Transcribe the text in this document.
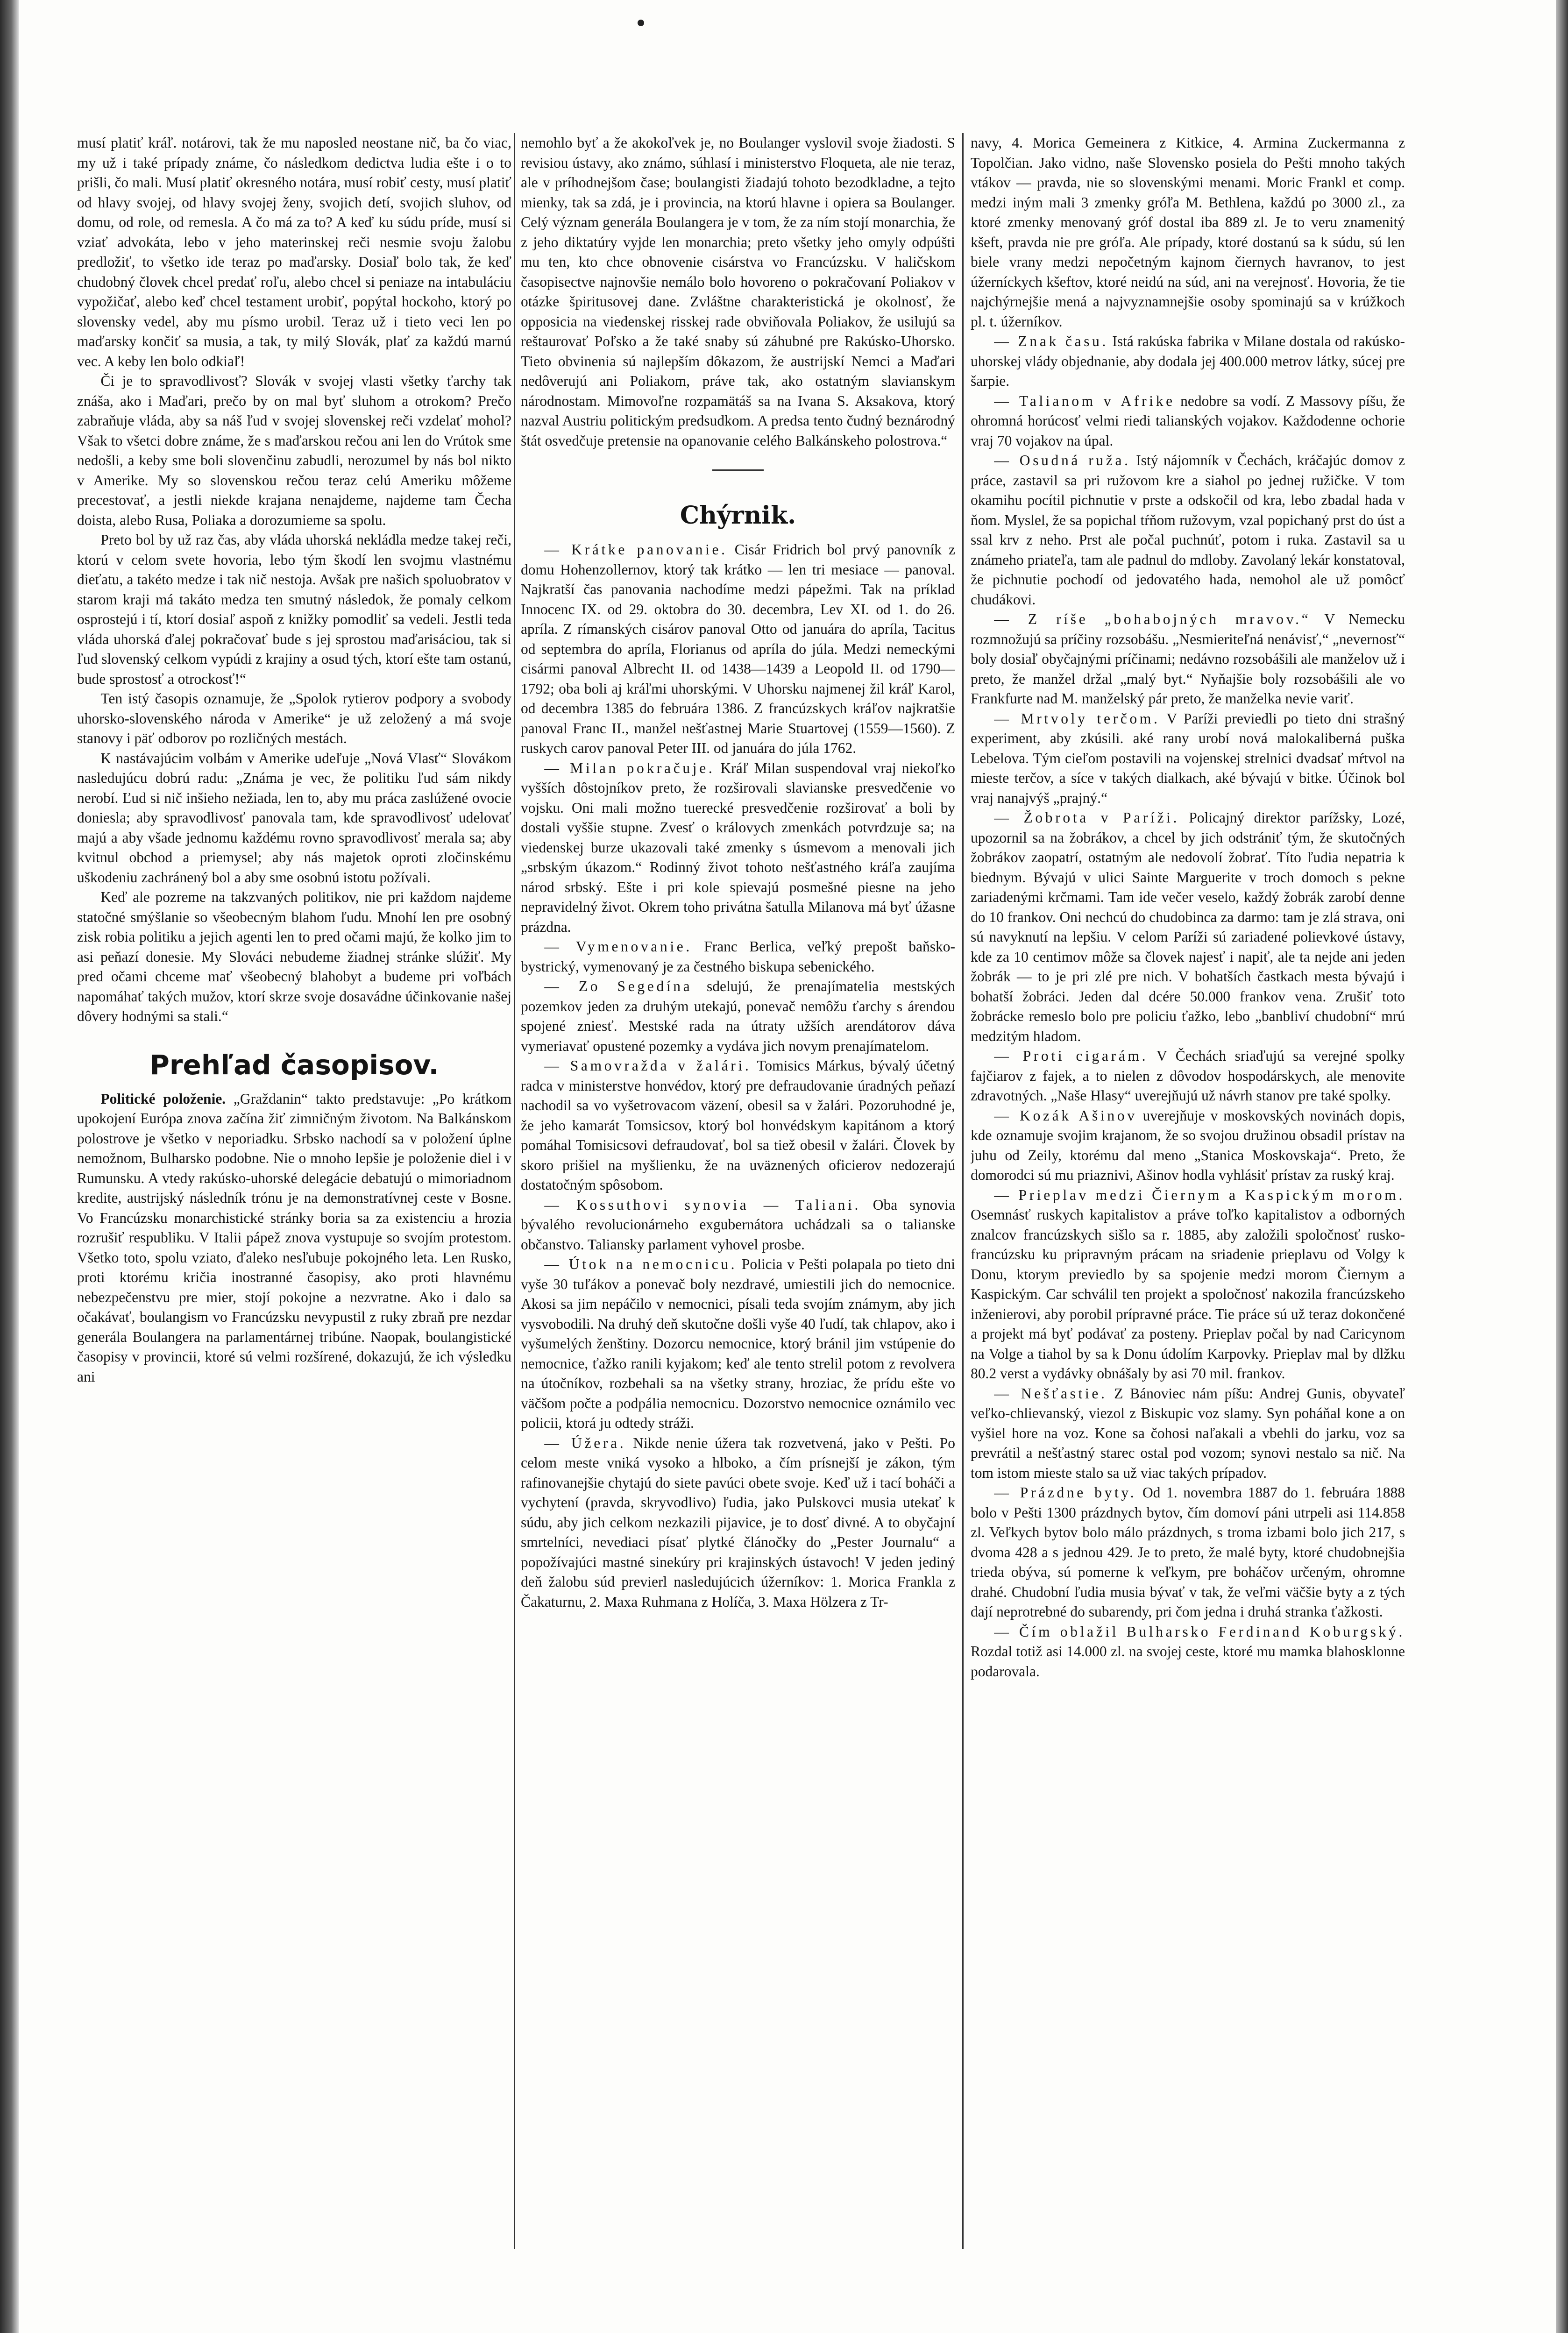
musí platiť kráľ. notárovi, tak že mu naposled neostane nič, ba čo viac, my už i také prípady známe, čo následkom dedictva ludia ešte i o to prišli, čo mali. Musí platiť okresného notára, musí robiť cesty, musí platiť od hlavy svojej, od hlavy svojej ženy, svojich detí, svojich sluhov, od domu, od role, od remesla. A čo má za to? A keď ku súdu príde, musí si vziať advokáta, lebo v jeho materinskej reči nesmie svoju žalobu predložiť, to všetko ide teraz po maďarsky. Dosiaľ bolo tak, že keď chudobný človek chcel predať roľu, alebo chcel si peniaze na intabuláciu vypožičať, alebo keď chcel testament urobiť, popýtal hockoho, ktorý po slovensky vedel, aby mu písmo urobil. Teraz už i tieto veci len po maďarsky končiť sa musia, a tak, ty milý Slovák, plať za každú marnú vec. A keby len bolo odkiaľ!

Či je to spravodlivosť? Slovák v svojej vlasti všetky ťarchy tak znáša, ako i Maďari, prečo by on mal byť sluhom a otrokom? Prečo zabraňuje vláda, aby sa náš ľud v svojej slovenskej reči vzdelať mohol? Však to všetci dobre známe, že s maďarskou rečou ani len do Vrútok sme nedošli, a keby sme boli slovenčinu zabudli, nerozumel by nás bol nikto v Amerike. My so slovenskou rečou teraz celú Ameriku môžeme precestovať, a jestli niekde krajana nenajdeme, najdeme tam Čecha doista, alebo Rusa, Poliaka a dorozumieme sa spolu.

Preto bol by už raz čas, aby vláda uhorská nekládla medze takej reči, ktorú v celom svete hovoria, lebo tým škodí len svojmu vlastnému dieťatu, a takéto medze i tak nič nestoja. Avšak pre našich spoluobratov v starom kraji má takáto medza ten smutný následok, že pomaly celkom osprostejú i tí, ktorí dosiaľ aspoň z knižky pomodliť sa vedeli. Jestli teda vláda uhorská ďalej pokračovať bude s jej sprostou maďarisáciou, tak si ľud slovenský celkom vypúdi z krajiny a osud tých, ktorí ešte tam ostanú, bude sprostosť a otrockosť!“

Ten istý časopis oznamuje, že „Spolok rytierov podpory a svobody uhorsko-slovenského národa v Amerike“ je už zeložený a má svoje stanovy i päť odborov po rozličných mestách.

K nastávajúcim volbám v Amerike udeľuje „Nová Vlasť“ Slovákom nasledujúcu dobrú radu: „Známa je vec, že politiku ľud sám nikdy nerobí. Ľud si nič inšieho nežiada, len to, aby mu práca zaslúžené ovocie doniesla; aby spravodlivosť panovala tam, kde spravodlivosť udelovať majú a aby všade jednomu každému rovno spravodlivosť merala sa; aby kvitnul obchod a priemysel; aby nás majetok oproti zločinskému uškodeniu zachránený bol a aby sme osobnú istotu požívali.

Keď ale pozreme na takzvaných politikov, nie pri každom najdeme statočné smýšlanie so všeobecným blahom ľudu. Mnohí len pre osobný zisk robia politiku a jejich agenti len to pred očami majú, že kolko jim to asi peňazí donesie. My Slováci nebudeme žiadnej stránke slúžiť. My pred očami chceme mať všeobecný blahobyt a budeme pri voľbách napomáhať takých mužov, ktorí skrze svoje dosavádne účinkovanie našej dôvery hodnými sa stali.“

Prehľad časopisov.

Politické položenie. „Graždanin“ takto predstavuje: „Po krátkom upokojení Európa znova začína žiť zimničným životom. Na Balkánskom polostrove je všetko v neporiadku. Srbsko nachodí sa v položení úplne nemožnom, Bulharsko podobne. Nie o mnoho lepšie je položenie diel i v Rumunsku. A vtedy rakúsko-uhorské delegácie debatujú o mimoriadnom kredite, austrijský následník trónu je na demonstratívnej ceste v Bosne. Vo Francúzsku monarchistické stránky boria sa za existenciu a hrozia rozrušiť respubliku. V Italii pápež znova vystupuje so svojím protestom. Všetko toto, spolu vziato, ďaleko nesľubuje pokojného leta. Len Rusko, proti ktorému kričia inostranné časopisy, ako proti hlavnému nebezpečenstvu pre mier, stojí pokojne a nezvratne. Ako i dalo sa očakávať, boulangism vo Francúzsku nevypustil z ruky zbraň pre nezdar generála Boulangera na parlamentárnej tribúne. Naopak, boulangistické časopisy v provincii, ktoré sú velmi rozšírené, dokazujú, že ich výsledku ani

nemohlo byť a že akokoľvek je, no Boulanger vyslovil svoje žiadosti. S revisiou ústavy, ako známo, súhlasí i ministerstvo Floqueta, ale nie teraz, ale v príhodnejšom čase; boulangisti žiadajú tohoto bezodkladne, a tejto mienky, tak sa zdá, je i provincia, na ktorú hlavne i opiera sa Boulanger. Celý význam generála Boulangera je v tom, že za ním stojí monarchia, že z jeho diktatúry vyjde len monarchia; preto všetky jeho omyly odpúšti mu ten, kto chce obnovenie cisárstva vo Francúzsku. V haličskom časopisectve najnovšie nemálo bolo hovoreno o pokračovaní Poliakov v otázke špiritusovej dane. Zvláštne charakteristická je okolnosť, že opposicia na viedenskej risskej rade obviňovala Poliakov, že usilujú sa reštaurovať Poľsko a že také snaby sú záhubné pre Rakúsko-Uhorsko. Tieto obvinenia sú najlepším dôkazom, že austrijskí Nemci a Maďari nedôverujú ani Poliakom, práve tak, ako ostatným slavianskym národnostam. Mimovoľne rozpamätáš sa na Ivana S. Aksakova, ktorý nazval Austriu politickým predsudkom. A predsa tento čudný beznárodný štát osvedčuje pretensie na opanovanie celého Balkánskeho polostrova.“

Chýrnik.

— Krátke panovanie. Cisár Fridrich bol prvý panovník z domu Hohenzollernov, ktorý tak krátko — len tri mesiace — panoval. Najkratší čas panovania nachodíme medzi pápežmi. Tak na príklad Innocenc IX. od 29. oktobra do 30. decembra, Lev XI. od 1. do 26. apríla. Z rímanských cisárov panoval Otto od januára do apríla, Tacitus od septembra do apríla, Florianus od apríla do júla. Medzi nemeckými cisármi panoval Albrecht II. od 1438—1439 a Leopold II. od 1790—1792; oba boli aj kráľmi uhorskými. V Uhorsku najmenej žil kráľ Karol, od decembra 1385 do februára 1386. Z francúzskych kráľov najkratšie panoval Franc II., manžel nešťastnej Marie Stuartovej (1559—1560). Z ruskych carov panoval Peter III. od januára do júla 1762.

— Milan pokračuje. Kráľ Milan suspendoval vraj niekoľko vyšších dôstojníkov preto, že rozširovali slavianske presvedčenie vo vojsku. Oni mali možno tuerecké presvedčenie rozširovať a boli by dostali vyššie stupne. Zvesť o královych zmenkách potvrdzuje sa; na viedenskej burze ukazovali také zmenky s úsmevom a menovali jich „srbským úkazom.“ Rodinný život tohoto nešťastného kráľa zaujíma národ srbský. Ešte i pri kole spievajú posmešné piesne na jeho nepravidelný život. Okrem toho privátna šatulla Milanova má byť úžasne prázdna.

— Vymenovanie. Franc Berlica, veľký prepošt baňsko-bystrický, vymenovaný je za čestného biskupa sebenického.

— Zo Segedína sdelujú, že prenajímatelia mestských pozemkov jeden za druhým utekajú, ponevač nemôžu ťarchy s árendou spojené zniesť. Mestské rada na útraty užších arendátorov dáva vymeriavať opustené pozemky a vydáva jich novym prenajímatelom.

— Samovražda v žalári. Tomisics Márkus, bývalý účetný radca v ministerstve honvédov, ktorý pre defraudovanie úradných peňazí nachodil sa vo vyšetrovacom väzení, obesil sa v žalári. Pozoruhodné je, že jeho kamarát Tomsicsov, ktorý bol honvédskym kapitánom a ktorý pomáhal Tomisicsovi defraudovať, bol sa tiež obesil v žalári. Človek by skoro prišiel na myšlienku, že na uväznených oficierov nedozerajú dostatočným spôsobom.

— Kossuthovi synovia — Taliani. Oba synovia bývalého revolucionárneho exgubernátora uchádzali sa o talianske občanstvo. Taliansky parlament vyhovel prosbe.

— Útok na nemocnicu. Policia v Pešti polapala po tieto dni vyše 30 tuľákov a ponevač boly nezdravé, umiestili jich do nemocnice. Akosi sa jim nepáčilo v nemocnici, písali teda svojím známym, aby jich vysvobodili. Na druhý deň skutočne došli vyše 40 ľudí, tak chlapov, ako i vyšumelých ženštiny. Dozorcu nemocnice, ktorý bránil jim vstúpenie do nemocnice, ťažko ranili kyjakom; keď ale tento strelil potom z revolvera na útočníkov, rozbehali sa na všetky strany, hroziac, že prídu ešte vo väčšom počte a podpália nemocnicu. Dozorstvo nemocnice oznámilo vec policii, ktorá ju odtedy stráži.

— Úžera. Nikde nenie úžera tak rozvetvená, jako v Pešti. Po celom meste vniká vysoko a hlboko, a čím prísnejší je zákon, tým rafinovanejšie chytajú do siete pavúci obete svoje. Keď už i tací boháči a vychytení (pravda, skryvodlivo) ľudia, jako Pulskovci musia utekať k súdu, aby jich celkom nezkazili pijavice, je to dosť divné. A to obyčajní smrtelníci, nevediaci písať plytké článočky do „Pester Journalu“ a popožívajúci mastné sinekúry pri krajinských ústavoch! V jeden jediný deň žalobu súd previerl nasledujúcich úžerníkov: 1. Morica Frankla z Čakaturnu, 2. Maxa Ruhmana z Holíča, 3. Maxa Hölzera z Tr-

navy, 4. Morica Gemeinera z Kitkice, 4. Armina Zuckermanna z Topolčian. Jako vidno, naše Slovensko posiela do Pešti mnoho takých vtákov — pravda, nie so slovenskými menami. Moric Frankl et comp. medzi iným mali 3 zmenky gróľa M. Bethlena, každú po 3000 zl., za ktoré zmenky menovaný gróf dostal iba 889 zl. Je to veru znamenitý kšeft, pravda nie pre gróľa. Ale prípady, ktoré dostanú sa k súdu, sú len biele vrany medzi nepočetným kajnom čiernych havranov, to jest úžerníckych kšeftov, ktoré neidú na súd, ani na verejnosť. Hovoria, že tie najchýrnejšie mená a najvyznamnejšie osoby spominajú sa v krúžkoch pl. t. úžerníkov.

— Znak času. Istá rakúska fabrika v Milane dostala od rakúsko-uhorskej vlády objednanie, aby dodala jej 400.000 metrov látky, súcej pre šarpie.

— Talianom v Afrike nedobre sa vodí. Z Massovy píšu, že ohromná horúcosť velmi riedi talianských vojakov. Každodenne ochorie vraj 70 vojakov na úpal.

— Osudná ruža. Istý nájomník v Čechách, kráčajúc domov z práce, zastavil sa pri ružovom kre a siahol po jednej ružičke. V tom okamihu pocítil pichnutie v prste a odskočil od kra, lebo zbadal hada v ňom. Myslel, že sa popichal tŕňom ružovym, vzal popichaný prst do úst a ssal krv z neho. Prst ale počal puchnúť, potom i ruka. Zastavil sa u známeho priateľa, tam ale padnul do mdloby. Zavolaný lekár konstatoval, že pichnutie pochodí od jedovatého hada, nemohol ale už pomôcť chudákovi.

— Z ríše „bohabojných mravov.“ V Nemecku rozmnožujú sa príčiny rozsobášu. „Nesmieriteľná nenávisť,“ „nevernosť“ boly dosiaľ obyčajnými príčinami; nedávno rozsobášili ale manželov už i preto, že manžel držal „malý byt.“ Nyňajšie boly rozsobášili ale vo Frankfurte nad M. manželský pár preto, že manželka nevie variť.

— Mrtvoly terčom. V Paríži previedli po tieto dni strašný experiment, aby zkúsili. aké rany urobí nová malokaliberná puška Lebelova. Tým cieľom postavili na vojenskej strelnici dvadsať mŕtvol na mieste terčov, a síce v takých dialkach, aké bývajú v bitke. Účinok bol vraj nanajvýš „prajný.“

— Žobrota v Paríži. Policajný direktor parížsky, Lozé, upozornil sa na žobrákov, a chcel by jich odstrániť tým, že skutočných žobrákov zaopatrí, ostatným ale nedovolí žobrať. Títo ľudia nepatria k biednym. Bývajú v ulici Sainte Marguerite v troch domoch s pekne zariadenými krčmami. Tam ide večer veselo, každý žobrák zarobí denne do 10 frankov. Oni nechcú do chudobinca za darmo: tam je zlá strava, oni sú navyknutí na lepšiu. V celom Paríži sú zariadené polievkové ústavy, kde za 10 centimov môže sa človek najesť i napiť, ale ta nejde ani jeden žobrák — to je pri zlé pre nich. V bohatších častkach mesta bývajú i bohatší žobráci. Jeden dal dcére 50.000 frankov vena. Zrušiť toto žobrácke remeslo bolo pre policiu ťažko, lebo „banbliví chudobní“ mrú medzitým hladom.

— Proti cigarám. V Čechách sriaďujú sa verejné spolky fajčiarov z fajek, a to nielen z dôvodov hospodárskych, ale menovite zdravotných. „Naše Hlasy“ uverejňujú už návrh stanov pre také spolky.

— Kozák Ašinov uverejňuje v moskovských novinách dopis, kde oznamuje svojim krajanom, že so svojou družinou obsadil prístav na juhu od Zeily, ktorému dal meno „Stanica Moskovskaja“. Preto, že domorodci sú mu priaznivi, Ašinov hodla vyhlásiť prístav za ruský kraj.

— Prieplav medzi Čiernym a Kaspickým morom. Osemnásť ruskych kapitalistov a práve toľko kapitalistov a odborných znalcov francúzskych sišlo sa r. 1885, aby založili spoločnosť rusko-francúzsku ku pripravným prácam na sriadenie prieplavu od Volgy k Donu, ktorym previedlo by sa spojenie medzi morom Čiernym a Kaspickým. Car schválil ten projekt a spoločnosť nakozila francúzskeho inženierovi, aby porobil prípravné práce. Tie práce sú už teraz dokončené a projekt má byť podávať za posteny. Prieplav počal by nad Caricynom na Volge a tiahol by sa k Donu údolím Karpovky. Prieplav mal by dlžku 80.2 verst a vydávky obnášaly by asi 70 mil. frankov.

— Nešťastie. Z Bánoviec nám píšu: Andrej Gunis, obyvateľ veľko-chlievanský, viezol z Biskupic voz slamy. Syn poháňal kone a on vyšiel hore na voz. Kone sa čohosi naľakali a vbehli do jarku, voz sa prevrátil a nešťastný starec ostal pod vozom; synovi nestalo sa nič. Na tom istom mieste stalo sa už viac takých prípadov.

— Prázdne byty. Od 1. novembra 1887 do 1. februára 1888 bolo v Pešti 1300 prázdnych bytov, čím domoví páni utrpeli asi 114.858 zl. Veľkych bytov bolo málo prázdnych, s troma izbami bolo jich 217, s dvoma 428 a s jednou 429. Je to preto, že malé byty, ktoré chudobnejšia trieda obýva, sú pomerne k veľkym, pre boháčov určeným, ohromne drahé. Chudobní ľudia musia bývať v tak, že veľmi väčšie byty a z tých dají neprotrebné do subarendy, pri čom jedna i druhá stranka ťažkosti.

— Čím oblažil Bulharsko Ferdinand Koburgský. Rozdal totiž asi 14.000 zl. na svojej ceste, ktoré mu mamka blahosklonne podarovala.
